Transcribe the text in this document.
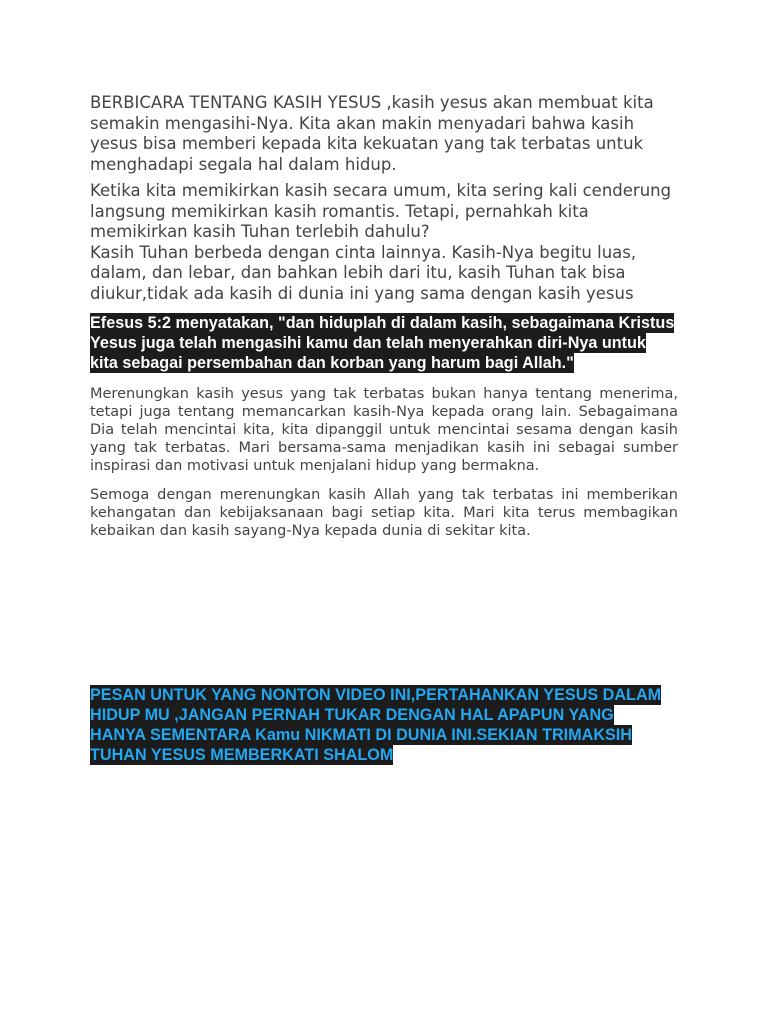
BERBICARA TENTANG KASIH YESUS ,kasih yesus akan membuat kita semakin mengasihi-Nya. Kita akan makin menyadari bahwa kasih yesus bisa memberi kepada kita kekuatan yang tak terbatas untuk menghadapi segala hal dalam hidup.

Ketika kita memikirkan kasih secara umum, kita sering kali cenderung langsung memikirkan kasih romantis. Tetapi, pernahkah kita memikirkan kasih Tuhan terlebih dahulu?
Kasih Tuhan berbeda dengan cinta lainnya. Kasih-Nya begitu luas, dalam, dan lebar, dan bahkan lebih dari itu, kasih Tuhan tak bisa diukur,tidak ada kasih di dunia ini yang sama dengan kasih yesus

Efesus 5:2 menyatakan, "dan hiduplah di dalam kasih, sebagaimana Kristus Yesus juga telah mengasihi kamu dan telah menyerahkan diri-Nya untuk kita sebagai persembahan dan korban yang harum bagi Allah."

Merenungkan kasih yesus yang tak terbatas bukan hanya tentang menerima, tetapi juga tentang memancarkan kasih-Nya kepada orang lain. Sebagaimana Dia telah mencintai kita, kita dipanggil untuk mencintai sesama dengan kasih yang tak terbatas. Mari bersama-sama menjadikan kasih ini sebagai sumber inspirasi dan motivasi untuk menjalani hidup yang bermakna.

Semoga dengan merenungkan kasih Allah yang tak terbatas ini memberikan kehangatan dan kebijaksanaan bagi setiap kita. Mari kita terus membagikan kebaikan dan kasih sayang-Nya kepada dunia di sekitar kita.

PESAN UNTUK YANG NONTON VIDEO INI,PERTAHANKAN YESUS DALAM HIDUP MU ,JANGAN PERNAH TUKAR DENGAN HAL APAPUN YANG HANYA SEMENTARA Kamu NIKMATI DI DUNIA INI.SEKIAN TRIMAKSIH TUHAN YESUS MEMBERKATI SHALOM
